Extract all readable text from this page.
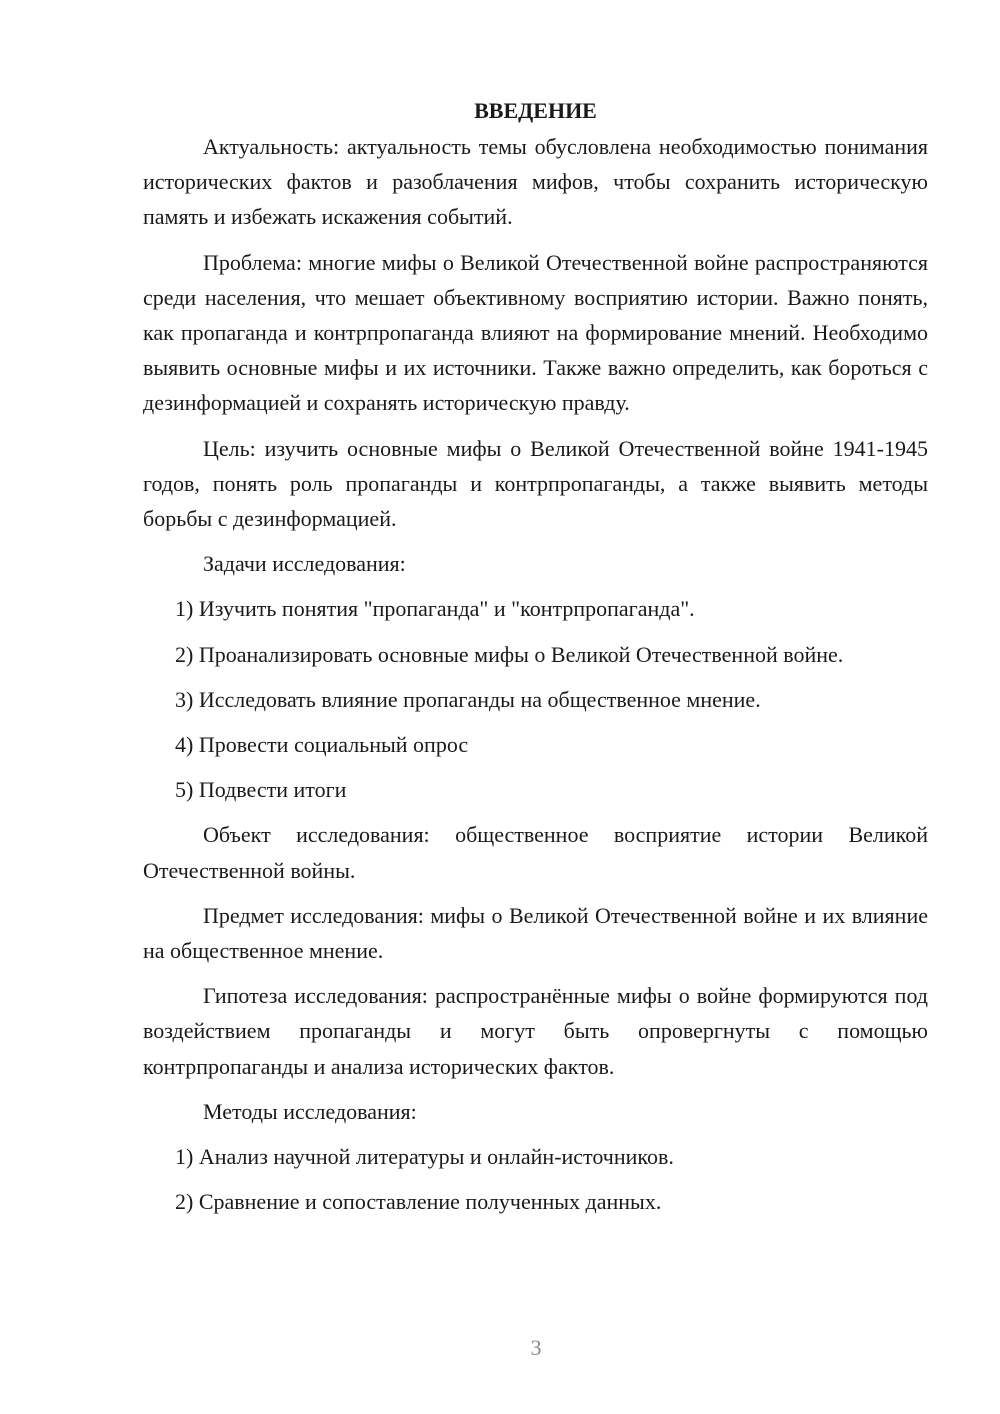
ВВЕДЕНИЕ

Актуальность: актуальность темы обусловлена необходимостью понимания исторических фактов и разоблачения мифов, чтобы сохранить историческую память и избежать искажения событий.

Проблема: многие мифы о Великой Отечественной войне распространяются среди населения, что мешает объективному восприятию истории. Важно понять, как пропаганда и контрпропаганда влияют на формирование мнений. Необходимо выявить основные мифы и их источники. Также важно определить, как бороться с дезинформацией и сохранять историческую правду.

Цель: изучить основные мифы о Великой Отечественной войне 1941-1945 годов, понять роль пропаганды и контрпропаганды, а также выявить методы борьбы с дезинформацией.

Задачи исследования:

1) Изучить понятия "пропаганда" и "контрпропаганда".

2) Проанализировать основные мифы о Великой Отечественной войне.

3) Исследовать влияние пропаганды на общественное мнение.

4) Провести социальный опрос

5) Подвести итоги

Объект исследования: общественное восприятие истории Великой Отечественной войны.

Предмет исследования: мифы о Великой Отечественной войне и их влияние на общественное мнение.

Гипотеза исследования: распространённые мифы о войне формируются под воздействием пропаганды и могут быть опровергнуты с помощью контрпропаганды и анализа исторических фактов.

Методы исследования:

1) Анализ научной литературы и онлайн-источников.

2) Сравнение и сопоставление полученных данных.

3
